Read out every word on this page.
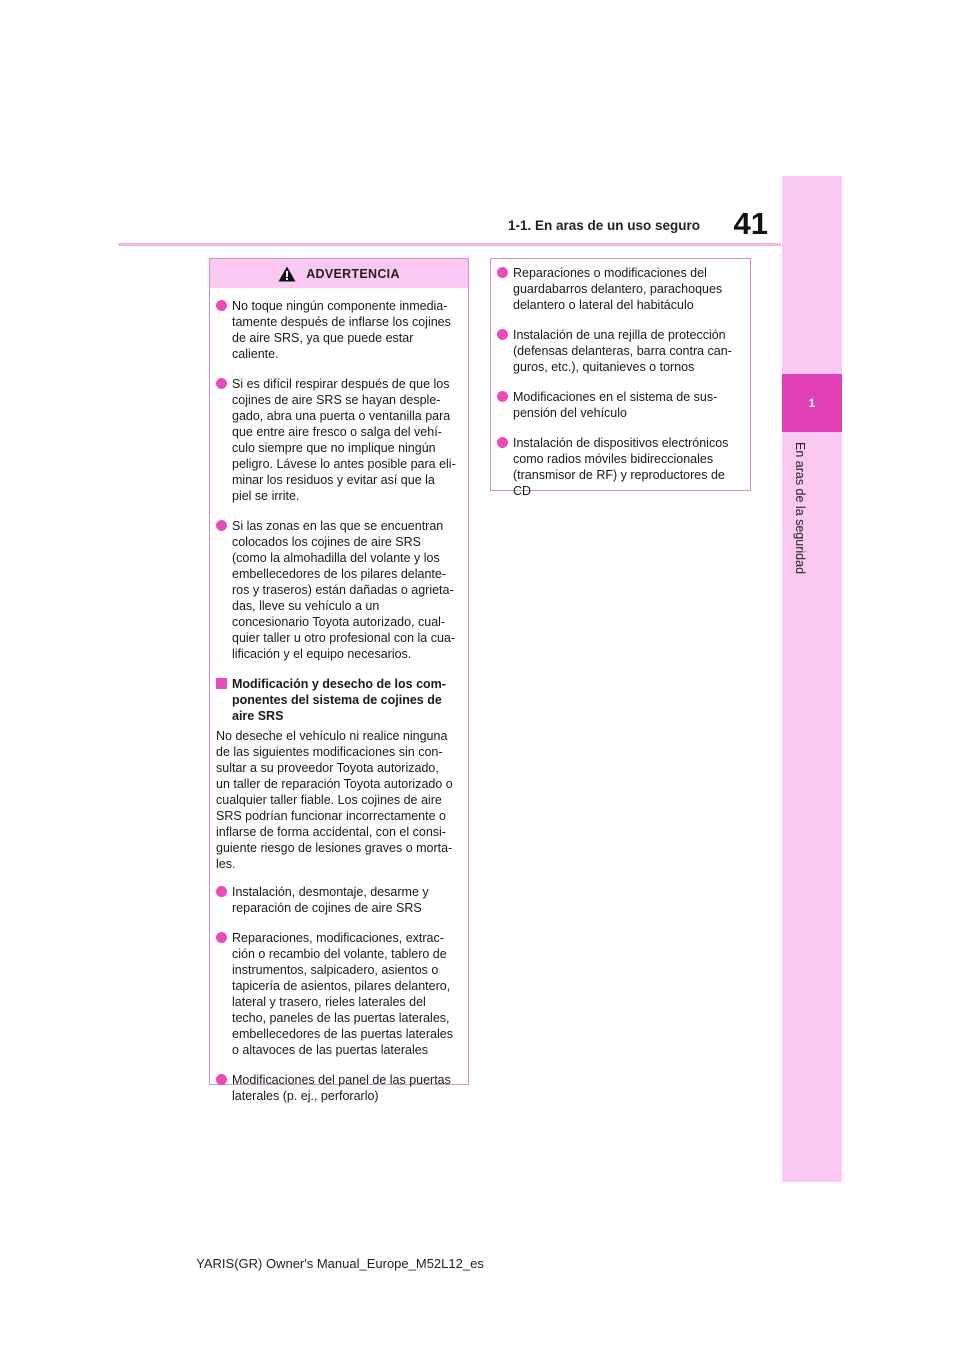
1
En aras de la seguridad
41
1-1. En aras de un uso seguro
ADVERTENCIA
No toque ningún componente inmedia-
tamente después de inflarse los cojines
de aire SRS, ya que puede estar
caliente.
Si es difícil respirar después de que los
cojines de aire SRS se hayan desple-
gado, abra una puerta o ventanilla para
que entre aire fresco o salga del vehí-
culo siempre que no implique ningún
peligro. Lávese lo antes posible para eli-
minar los residuos y evitar así que la
piel se irrite.
Si las zonas en las que se encuentran
colocados los cojines de aire SRS
(como la almohadilla del volante y los
embellecedores de los pilares delante-
ros y traseros) están dañadas o agrieta-
das, lleve su vehículo a un
concesionario Toyota autorizado, cual-
quier taller u otro profesional con la cua-
lificación y el equipo necesarios.
Modificación y desecho de los com-
ponentes del sistema de cojines de
aire SRS
No deseche el vehículo ni realice ninguna
de las siguientes modificaciones sin con-
sultar a su proveedor Toyota autorizado,
un taller de reparación Toyota autorizado o
cualquier taller fiable. Los cojines de aire
SRS podrían funcionar incorrectamente o
inflarse de forma accidental, con el consi-
guiente riesgo de lesiones graves o morta-
les.
Instalación, desmontaje, desarme y
reparación de cojines de aire SRS
Reparaciones, modificaciones, extrac-
ción o recambio del volante, tablero de
instrumentos, salpicadero, asientos o
tapicería de asientos, pilares delantero,
lateral y trasero, rieles laterales del
techo, paneles de las puertas laterales,
embellecedores de las puertas laterales
o altavoces de las puertas laterales
Modificaciones del panel de las puertas
laterales (p. ej., perforarlo)
Reparaciones o modificaciones del
guardabarros delantero, parachoques
delantero o lateral del habitáculo
Instalación de una rejilla de protección
(defensas delanteras, barra contra can-
guros, etc.), quitanieves o tornos
Modificaciones en el sistema de sus-
pensión del vehículo
Instalación de dispositivos electrónicos
como radios móviles bidireccionales
(transmisor de RF) y reproductores de
CD
YARIS(GR) Owner's Manual_Europe_M52L12_es
